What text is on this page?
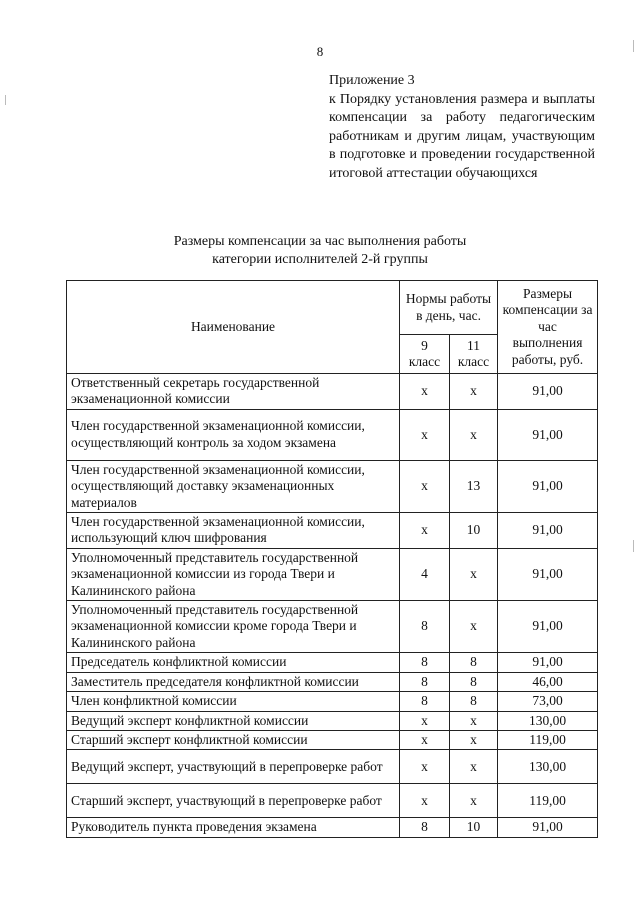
8

Приложение 3

к Порядку установления размера и выплаты компенсации за работу педагогическим работникам и другим лицам, участвующим в подготовке и проведении государственной итоговой аттестации обучающихся

Размеры компенсации за час выполнения работы
категории исполнителей 2-й группы
Наименование	Нормы работы в день, час.		Размеры компенсации за час выполнения работы, руб.
	9 класс	11 класс	
Ответственный секретарь государственной экзаменационной комиссии	х	х	91,00
Член государственной экзаменационной комиссии, осуществляющий контроль за ходом экзамена	х	х	91,00
Член государственной экзаменационной комиссии, осуществляющий доставку экзаменационных материалов	х	13	91,00
Член государственной экзаменационной комиссии, использующий ключ шифрования	х	10	91,00
Уполномоченный представитель государственной экзаменационной комиссии из города Твери и Калининского района	4	х	91,00
Уполномоченный представитель государственной экзаменационной комиссии кроме города Твери и Калининского района	8	х	91,00
Председатель конфликтной комиссии	8	8	91,00
Заместитель председателя конфликтной комиссии	8	8	46,00
Член конфликтной комиссии	8	8	73,00
Ведущий эксперт конфликтной комиссии	х	х	130,00
Старший эксперт конфликтной комиссии	х	х	119,00
Ведущий эксперт, участвующий в перепроверке работ	х	х	130,00
Старший эксперт, участвующий в перепроверке работ	х	х	119,00
Руководитель пункта проведения экзамена	8	10	91,00
